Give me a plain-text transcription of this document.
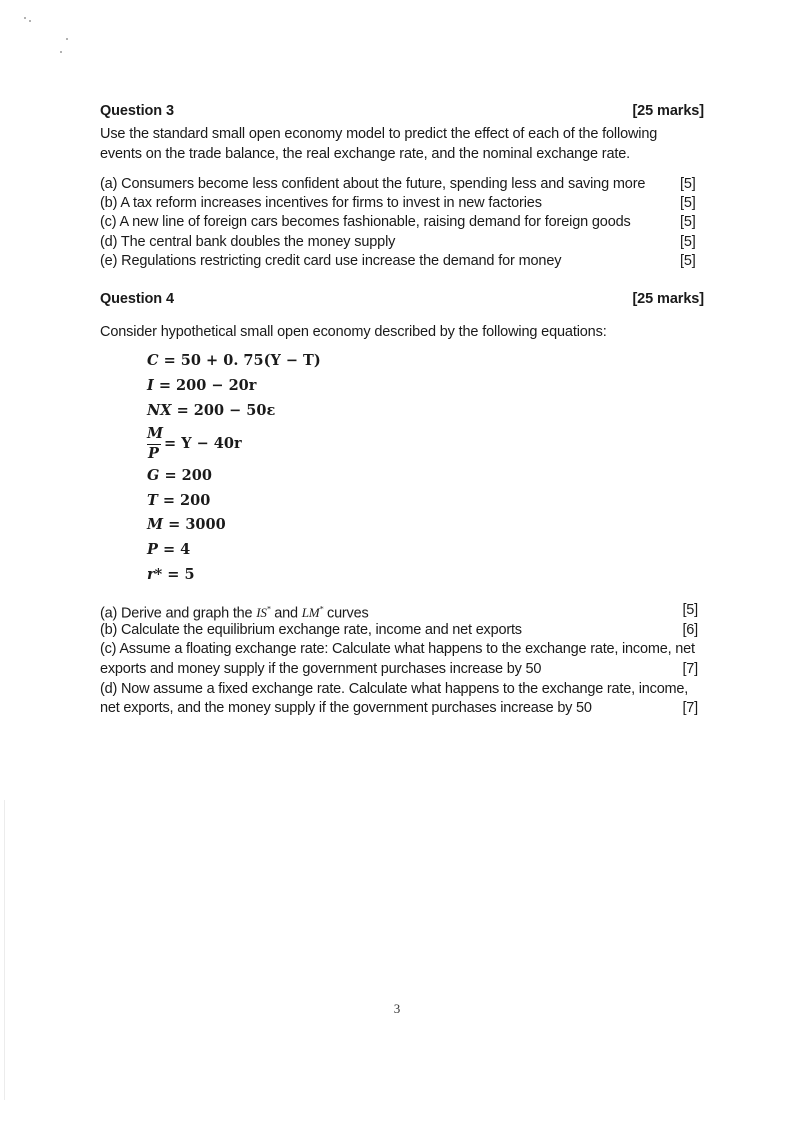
Question 3	[25 marks]
Use the standard small open economy model to predict the effect of each of the following
events on the trade balance, the real exchange rate, and the nominal exchange rate.
(a) Consumers become less confident about the future, spending less and saving more [5]
(b) A tax reform increases incentives for firms to invest in new factories	[5]
(c) A new line of foreign cars becomes fashionable, raising demand for foreign goods	[5]
(d) The central bank doubles the money supply	[5]
(e) Regulations restricting credit card use increase the demand for money	[5]
Question 4	[25 marks]
Consider hypothetical small open economy described by the following equations:
C = 50 + 0. 75(Y − T)
I = 200 − 20r
NX = 200 − 50ε
M
P
= Y − 40r
G = 200
T = 200
M = 3000
P = 4
r* = 5
(a) Derive and graph the IS* and LM* curves	[5]
(b) Calculate the equilibrium exchange rate, income and net exports	[6]
(c) Assume a floating exchange rate: Calculate what happens to the exchange rate, income, net
exports and money supply if the government purchases increase by 50	[7]
(d) Now assume a fixed exchange rate. Calculate what happens to the exchange rate, income,
net exports, and the money supply if the government purchases increase by 50	[7]
3
